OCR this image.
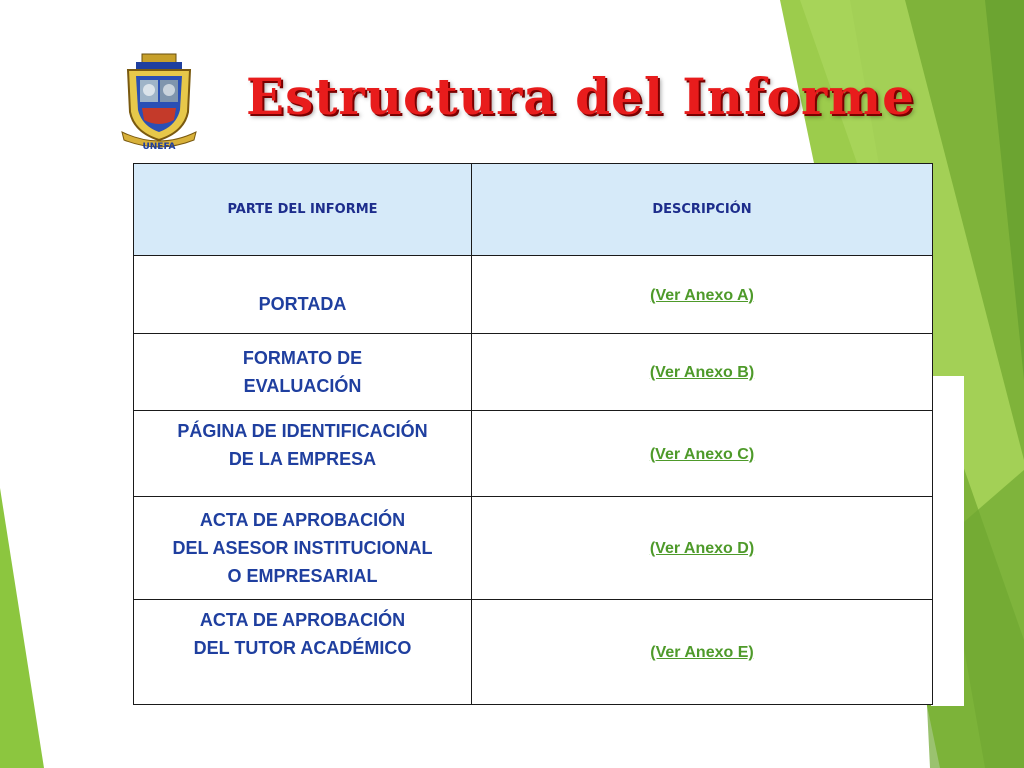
UNEFA
Estructura del Informe
PARTE DEL INFORME	DESCRIPCIÓN

PORTADA	(Ver Anexo A)

FORMATO DE
EVALUACIÓN	(Ver Anexo B)

PÁGINA DE IDENTIFICACIÓN
DE LA EMPRESA	(Ver Anexo C)

ACTA DE APROBACIÓN
DEL ASESOR INSTITUCIONAL
O EMPRESARIAL	(Ver Anexo D)

ACTA DE APROBACIÓN
DEL TUTOR ACADÉMICO	(Ver Anexo E)
